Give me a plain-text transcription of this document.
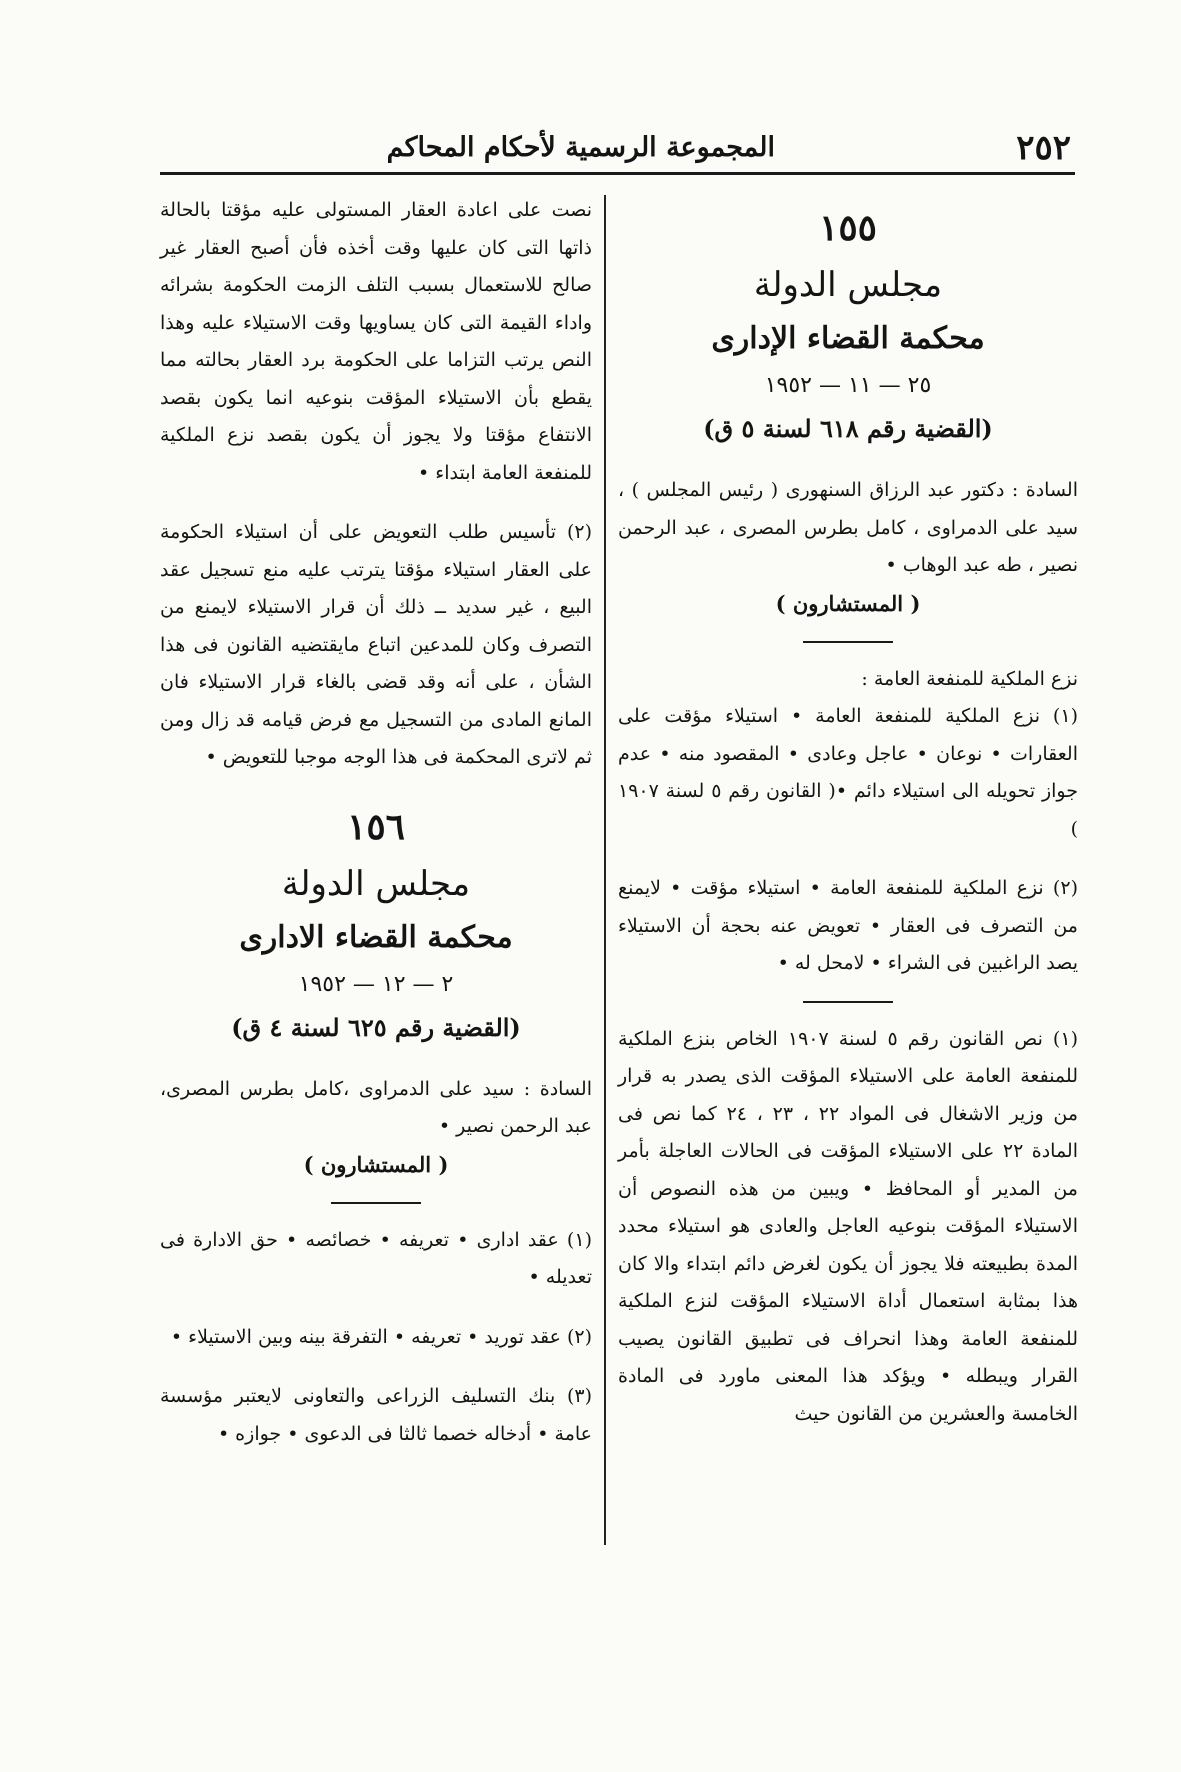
٢٥٢
المجموعة الرسمية لأحكام المحاكم

١٥٥

مجلس الدولة

محكمة القضاء الإدارى

٢٥ — ١١ — ١٩٥٢

(القضية رقم ٦١٨ لسنة ٥ ق)

السادة : دكتور عبد الرزاق السنهورى ( رئيس المجلس ) ، سيد على الدمراوى ، كامل بطرس المصرى ، عبد الرحمن نصير ، طه عبد الوهاب •

( المستشارون )

نزع الملكية للمنفعة العامة :

(١) نزع الملكية للمنفعة العامة • استيلاء مؤقت على العقارات • نوعان • عاجل وعادى • المقصود منه • عدم جواز تحويله الى استيلاء دائم •( القانون رقم ٥ لسنة ١٩٠٧ )

(٢) نزع الملكية للمنفعة العامة • استيلاء مؤقت • لايمنع من التصرف فى العقار • تعويض عنه بحجة أن الاستيلاء يصد الراغبين فى الشراء • لامحل له •

(١) نص القانون رقم ٥ لسنة ١٩٠٧ الخاص بنزع الملكية للمنفعة العامة على الاستيلاء المؤقت الذى يصدر به قرار من وزير الاشغال فى المواد ٢٢ ، ٢٣ ، ٢٤ كما نص فى المادة ٢٢ على الاستيلاء المؤقت فى الحالات العاجلة بأمر من المدير أو المحافظ • ويبين من هذه النصوص أن الاستيلاء المؤقت بنوعيه العاجل والعادى هو استيلاء محدد المدة بطبيعته فلا يجوز أن يكون لغرض دائم ابتداء والا كان هذا بمثابة استعمال أداة الاستيلاء المؤقت لنزع الملكية للمنفعة العامة وهذا انحراف فى تطبيق القانون يصيب القرار ويبطله • ويؤكد هذا المعنى ماورد فى المادة الخامسة والعشرين من القانون حيث

نصت على اعادة العقار المستولى عليه مؤقتا بالحالة ذاتها التى كان عليها وقت أخذه فأن أصبح العقار غير صالح للاستعمال بسبب التلف الزمت الحكومة بشرائه واداء القيمة التى كان يساويها وقت الاستيلاء عليه وهذا النص يرتب التزاما على الحكومة برد العقار بحالته مما يقطع بأن الاستيلاء المؤقت بنوعيه انما يكون بقصد الانتفاع مؤقتا ولا يجوز أن يكون بقصد نزع الملكية للمنفعة العامة ابتداء •

(٢) تأسيس طلب التعويض على أن استيلاء الحكومة على العقار استيلاء مؤقتا يترتب عليه منع تسجيل عقد البيع ، غير سديد ــ ذلك أن قرار الاستيلاء لايمنع من التصرف وكان للمدعين اتباع مايقتضيه القانون فى هذا الشأن ، على أنه وقد قضى بالغاء قرار الاستيلاء فان المانع المادى من التسجيل مع فرض قيامه قد زال ومن ثم لاترى المحكمة فى هذا الوجه موجبا للتعويض •

١٥٦

مجلس الدولة

محكمة القضاء الادارى

٢ — ١٢ — ١٩٥٢

(القضية رقم ٦٢٥ لسنة ٤ ق)

السادة : سيد على الدمراوى ،كامل بطرس المصرى، عبد الرحمن نصير •

( المستشارون )

(١) عقد ادارى • تعريفه • خصائصه • حق الادارة فى تعديله •

(٢) عقد توريد • تعريفه • التفرقة بينه وبين الاستيلاء •

(٣) بنك التسليف الزراعى والتعاونى لايعتبر مؤسسة عامة • أدخاله خصما ثالثا فى الدعوى • جوازه •
